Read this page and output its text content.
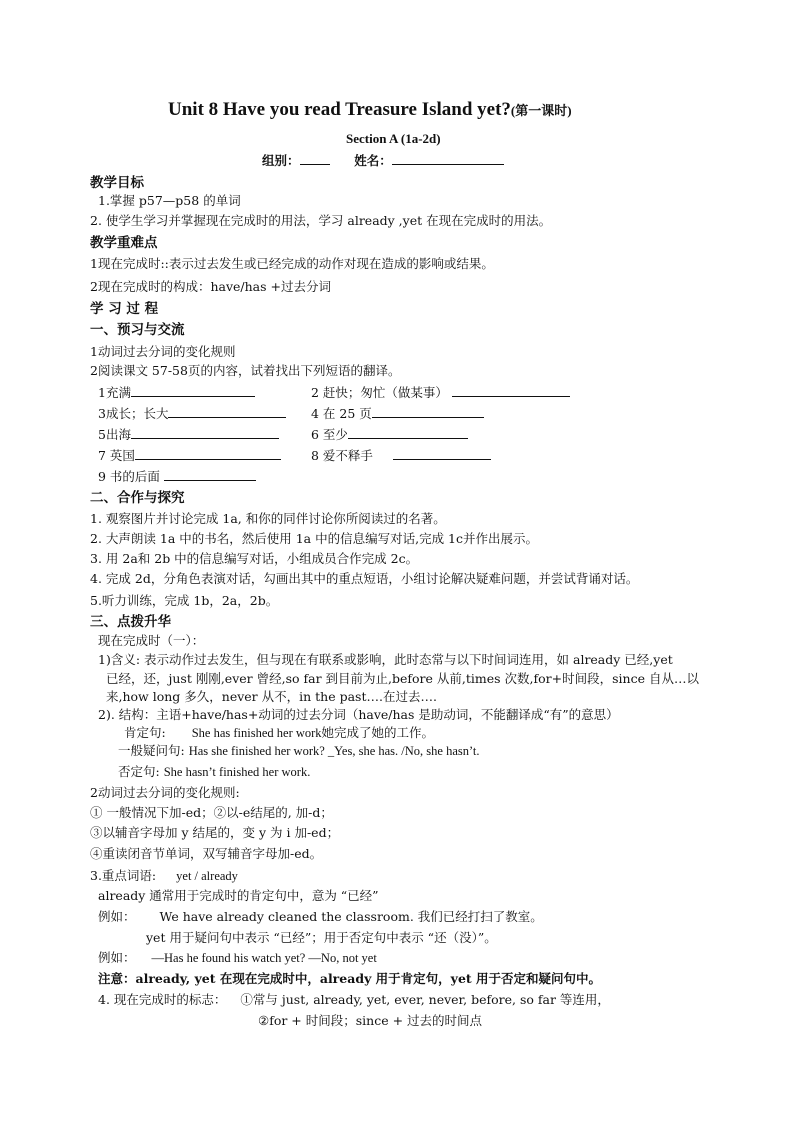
Unit 8 Have you read Treasure Island yet?(第一课时)
Section A (1a-2d)
组别：	姓名：
教学目标
1.掌握 p57—p58 的单词
2. 使学生学习并掌握现在完成时的用法，学习 already ,yet 在现在完成时的用法。
教学重难点
1现在完成时::表示过去发生或已经完成的动作对现在造成的影响或结果。
2现在完成时的构成：have/has +过去分词
学 习 过 程
一、预习与交流
1动词过去分词的变化规则
2阅读课文 57-58页的内容，试着找出下列短语的翻译。
1充满	2 赶快；匆忙（做某事）
3成长；长大	4 在 25 页
5出海	6 至少
7 英国	8 爱不释手
9 书的后面
二、合作与探究
1. 观察图片并讨论完成 1a, 和你的同伴讨论你所阅读过的名著。
2. 大声朗读 1a 中的书名，然后使用 1a 中的信息编写对话,完成 1c并作出展示。
3. 用 2a和 2b 中的信息编写对话，小组成员合作完成 2c。
4. 完成 2d，分角色表演对话，勾画出其中的重点短语，小组讨论解决疑难问题，并尝试背诵对话。
5.听力训练，完成 1b，2a，2b。
三、点拨升华
现在完成时（一）：
1)含义: 表示动作过去发生，但与现在有联系或影响，此时态常与以下时间词连用，如 already 已经,yet
已经，还，just 刚刚,ever 曾经,so far 到目前为止,before 从前,times 次数,for+时间段，since 自从…以
来,how long 多久，never 从不，in the past….在过去….
2). 结构：主语+have/has+动词的过去分词（have/has 是助动词，不能翻译成“有”的意思）
肯定句: She has finished her work她完成了她的工作。
一般疑问句: Has she finished her work? _Yes, she has. /No, she hasn’t.
否定句: She hasn’t finished her work.
2动词过去分词的变化规则:
① 一般情况下加-ed；②以-e结尾的, 加-d；
③以辅音字母加 y 结尾的，变 y 为 i 加-ed；
④重读闭音节单词，双写辅音字母加-ed。
3.重点词语: yet / already
already 通常用于完成时的肯定句中，意为 “已经”
例如： We have already cleaned the classroom. 我们已经打扫了教室。
yet 用于疑问句中表示 “已经”；用于否定句中表示 “还（没）”。
例如： —Has he found his watch yet? —No, not yet
注意：already, yet 在现在完成时中，already 用于肯定句，yet 用于否定和疑问句中。
4. 现在完成时的标志： ①常与 just, already, yet, ever, never, before, so far 等连用，
②for + 时间段；since + 过去的时间点
